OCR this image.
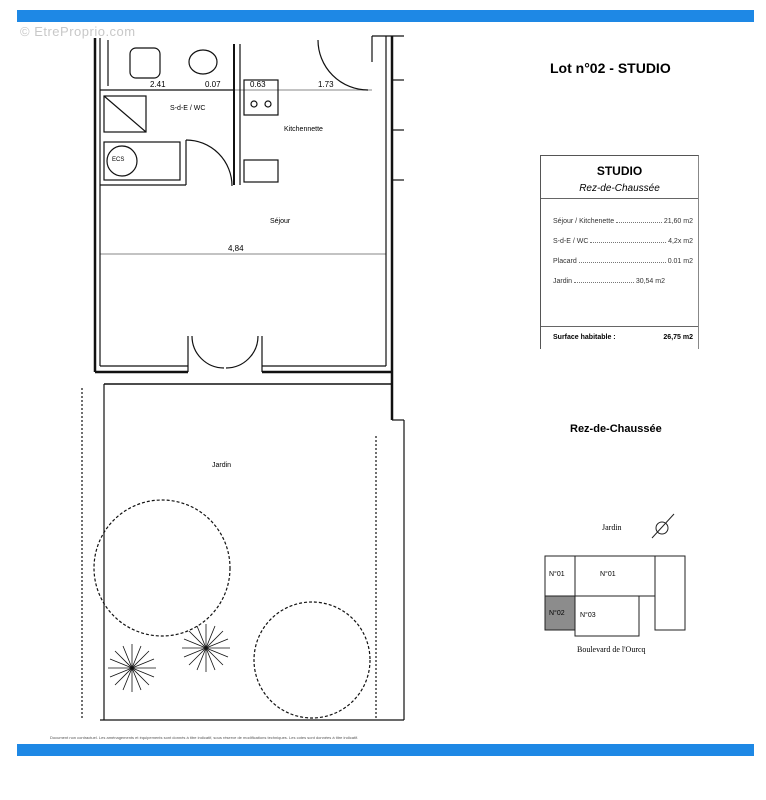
© EtreProprio.com
2.41	0.07	0.63	1.73
4,84
S-d-E / WC
Kitchennette
Séjour
Jardin
ECS
Lot n°02 - STUDIO
STUDIO
Rez-de-Chaussée
Séjour / Kitchenette	21,60 m2
S-d-E / WC	4,2x m2
Placard	0.01 m2
Jardin	30,54 m2
Surface habitable :	26,75 m2
Rez-de-Chaussée
Jardin
N°01	N°01
N°02 N°03
Boulevard de l'Ourcq
Document non contractuel. Les aménagements et équipements sont donnés à titre indicatif, sous réserve de modifications techniques. Les cotes sont données à titre indicatif.
